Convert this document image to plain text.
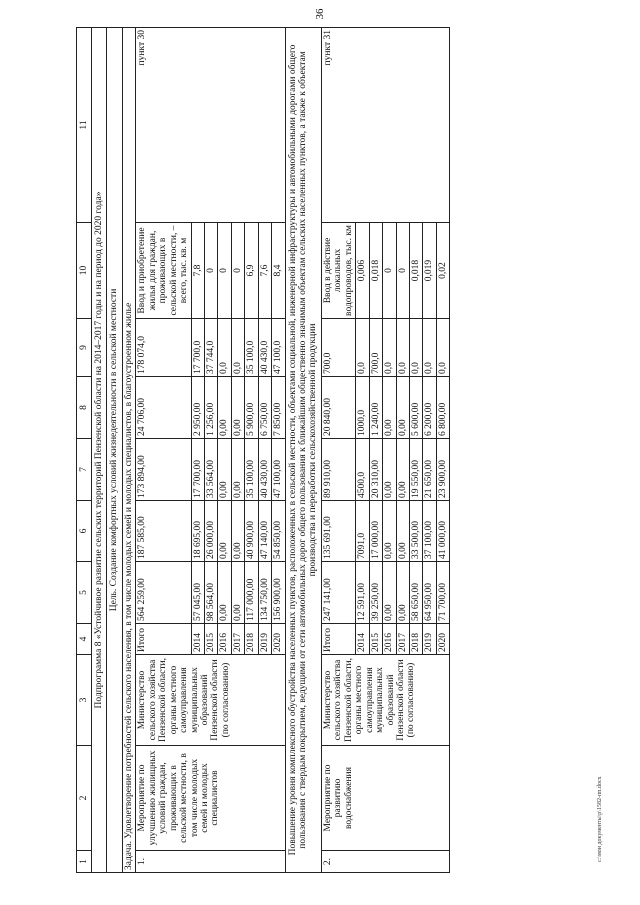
36
1	2	3	4	5	6	7	8	9	10	11
Подпрограмма 8 «Устойчивое развитие сельских территорий Пензенской области на 2014–2017 годы и на период до 2020 года»										
Цель. Создание комфортных условий жизнедеятельности в сельской местности										
Задача. Удовлетворение потребностей сельского населения, в том числе молодых семей и молодых специалистов, в благоустроенном жилье										
1.	Мероприятие по улучшению жилищных условий граждан, проживающих в сельской местности, в том числе молодых семей и молодых специалистов	Министерство сельского хозяйства Пензенской области, органы местного самоуправления муниципальных образований Пензенской области (по согласованию)	Итого	564 259,00	187 585,00	173 894,00	24 706,00	178 074,0	Ввод и приобретение жилья для граждан, проживающих в сельской местности, –всего, тыс. кв. м	пункт 30
			2014	57 045,00	18 695,00	17 700,00	2 950,00	17 700,0	7,8	
			2015	98 564,00	26 000,00	33 564,00	1 256,00	37 744,0	0	
			2016	0,00	0,00	0,00	0,00	0,0	0	
			2017	0,00	0,00	0,00	0,00	0,0	0	
			2018	117 000,00	40 900,00	35 100,00	5 900,00	35 100,0	6,9	
			2019	134 750,00	47 140,00	40 430,00	6 750,00	40 430,0	7,6	
			2020	156 900,00	54 850,00	47 100,00	7 850,00	47 100,0	8,4	
Повышение уровня комплексного обустройства населенных пунктов, расположенных в сельской местности, объектами социальной, инженерной инфраструктуры и автомобильными дорогами общего пользования с твердым покрытием, ведущими от сети автомобильных дорог общего пользования к ближайшим общественно значимым объектам сельских населенных пунктов, а также к объектам производства и переработки сельскохозяйственной продукции										
2.	Мероприятие по развитию водоснабжения	Министерство сельского хозяйства Пензенской области, органы местного самоуправления муниципальных образований Пензенской области (по согласованию)	Итого	247 141,00	135 691,00	89 910,00	20 840,00	700,0	Ввод в действие локальных водопроводов, тыс. км	пункт 31
			2014	12 591,00	7091,0	4500,0	1000,0	0,0	0,006	
			2015	39 250,00	17 000,00	20 310,00	1 240,00	700,0	0,018	
			2016	0,00	0,00	0,00	0,00	0,0	0	
			2017	0,00	0,00	0,00	0,00	0,0	0	
			2018	58 650,00	33 500,00	19 550,00	5 600,00	0,0	0,018	
			2019	64 950,00	37 100,00	21 650,00	6 200,00	0,0	0,019	
			2020	71 700,00	41 000,00	23 900,00	6 800,00	0,0	0,02	
c:\мои документы\р\1582-пп.docx
